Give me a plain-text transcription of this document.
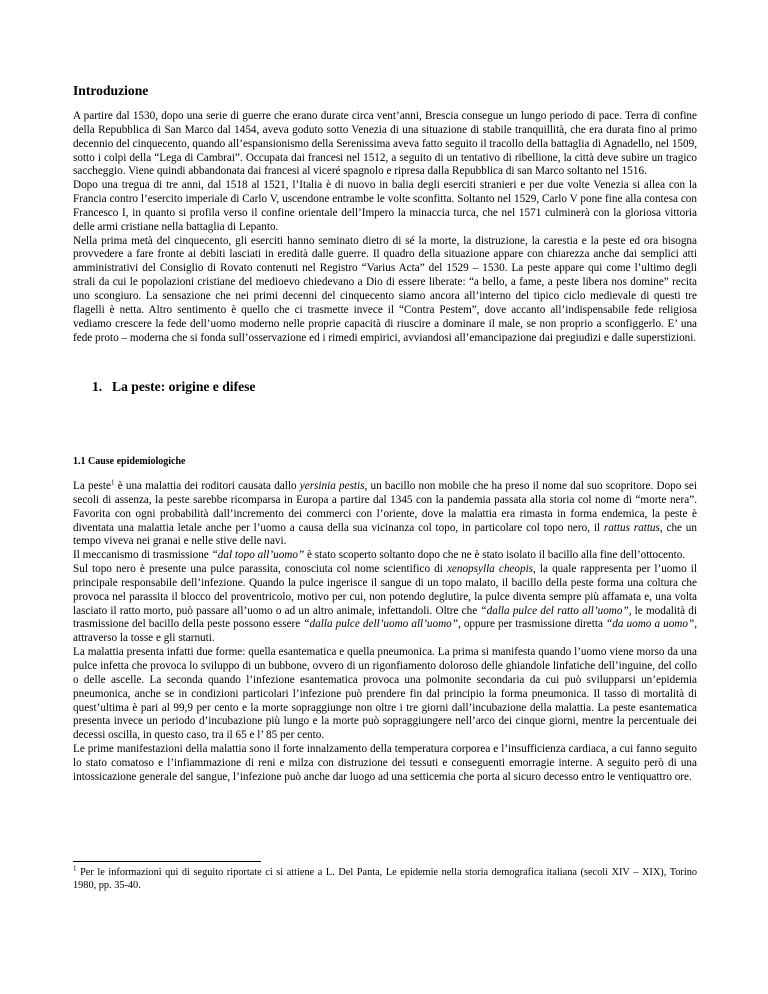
Introduzione

A partire dal 1530, dopo una serie di guerre che erano durate circa vent’anni, Brescia consegue un lungo periodo di pace. Terra di confine della Repubblica di San Marco dal 1454, aveva goduto sotto Venezia di una situazione di stabile tranquillità, che era durata fino al primo decennio del cinquecento, quando all’espansionismo della Serenissima aveva fatto seguito il tracollo della battaglia di Agnadello, nel 1509, sotto i colpi della “Lega di Cambrai”. Occupata dai francesi nel 1512, a seguito di un tentativo di ribellione, la città deve subire un tragico saccheggio. Viene quindi abbandonata dai francesi al viceré spagnolo e ripresa dalla Repubblica di san Marco soltanto nel 1516.

Dopo una tregua di tre anni, dal 1518 al 1521, l’Italia è di nuovo in balia degli eserciti stranieri e per due volte Venezia si allea con la Francia contro l’esercito imperiale di Carlo V, uscendone entrambe le volte sconfitta. Soltanto nel 1529, Carlo V pone fine alla contesa con Francesco I, in quanto si profila verso il confine orientale dell’Impero la minaccia turca, che nel 1571 culminerà con la gloriosa vittoria delle armi cristiane nella battaglia di Lepanto.

Nella prima metà del cinquecento, gli eserciti hanno seminato dietro di sé la morte, la distruzione, la carestia e la peste ed ora bisogna provvedere a fare fronte ai debiti lasciati in eredità dalle guerre. Il quadro della situazione appare con chiarezza anche dai semplici atti amministrativi del Consiglio di Rovato contenuti nel Registro “Varius Acta” del 1529 – 1530. La peste appare qui come l’ultimo degli strali da cui le popolazioni cristiane del medioevo chiedevano a Dio di essere liberate: “a bello, a fame, a peste libera nos domine” recita uno scongiuro. La sensazione che nei primi decenni del cinquecento siamo ancora all’interno del tipico ciclo medievale di questi tre flagelli è netta. Altro sentimento è quello che ci trasmette invece il “Contra Pestem”, dove accanto all’indispensabile fede religiosa vediamo crescere la fede dell’uomo moderno nelle proprie capacità di riuscire a dominare il male, se non proprio a sconfiggerlo. E’ una fede proto – moderna che si fonda sull’osservazione ed i rimedi empirici, avviandosi all’emancipazione dai pregiudizi e dalle superstizioni.

1. La peste: origine e difese
1.1 Cause epidemiologiche

La peste$^1$ è una malattia dei roditori causata dallo yersinia pestis, un bacillo non mobile che ha preso il nome dal suo scopritore. Dopo sei secoli di assenza, la peste sarebbe ricomparsa in Europa a partire dal 1345 con la pandemia passata alla storia col nome di “morte nera”. Favorita con ogni probabilità dall’incremento dei commerci con l’oriente, dove la malattia era rimasta in forma endemica, la peste è diventata una malattia letale anche per l’uomo a causa della sua vicinanza col topo, in particolare col topo nero, il rattus rattus, che un tempo viveva nei granai e nelle stive delle navi.

Il meccanismo di trasmissione “dal topo all’uomo” è stato scoperto soltanto dopo che ne è stato isolato il bacillo alla fine dell’ottocento.

Sul topo nero è presente una pulce parassita, conosciuta col nome scientifico di xenopsylla cheopis, la quale rappresenta per l’uomo il principale responsabile dell’infezione. Quando la pulce ingerisce il sangue di un topo malato, il bacillo della peste forma una coltura che provoca nel parassita il blocco del proventricolo, motivo per cui, non potendo deglutire, la pulce diventa sempre più affamata e, una volta lasciato il ratto morto, può passare all’uomo o ad un altro animale, infettandoli. Oltre che “dalla pulce del ratto all’uomo”, le modalità di trasmissione del bacillo della peste possono essere “dalla pulce dell’uomo all’uomo”, oppure per trasmissione diretta “da uomo a uomo”, attraverso la tosse e gli starnuti.

La malattia presenta infatti due forme: quella esantematica e quella pneumonica. La prima si manifesta quando l’uomo viene morso da una pulce infetta che provoca lo sviluppo di un bubbone, ovvero di un rigonfiamento doloroso delle ghiandole linfatiche dell’inguine, del collo o delle ascelle. La seconda quando l’infezione esantematica provoca una polmonite secondaria da cui può svilupparsi un’epidemia pneumonica, anche se in condizioni particolari l’infezione può prendere fin dal principio la forma pneumonica. Il tasso di mortalità di quest’ultima è pari al 99,9 per cento e la morte sopraggiunge non oltre i tre giorni dall’incubazione della malattia. La peste esantematica presenta invece un periodo d’incubazione più lungo e la morte può sopraggiungere nell’arco dei cinque giorni, mentre la percentuale dei decessi oscilla, in questo caso, tra il 65 e l’ 85 per cento.

Le prime manifestazioni della malattia sono il forte innalzamento della temperatura corporea e l’insufficienza cardiaca, a cui fanno seguito lo stato comatoso e l’infiammazione di reni e milza con distruzione dei tessuti e conseguenti emorragie interne. A seguito però di una intossicazione generale del sangue, l’infezione può anche dar luogo ad una setticemia che porta al sicuro decesso entro le ventiquattro ore.

$^1$ Per le informazioni qui di seguito riportate ci si attiene a L. Del Panta, Le epidemie nella storia demografica italiana (secoli XIV – XIX), Torino 1980, pp. 35-40.
